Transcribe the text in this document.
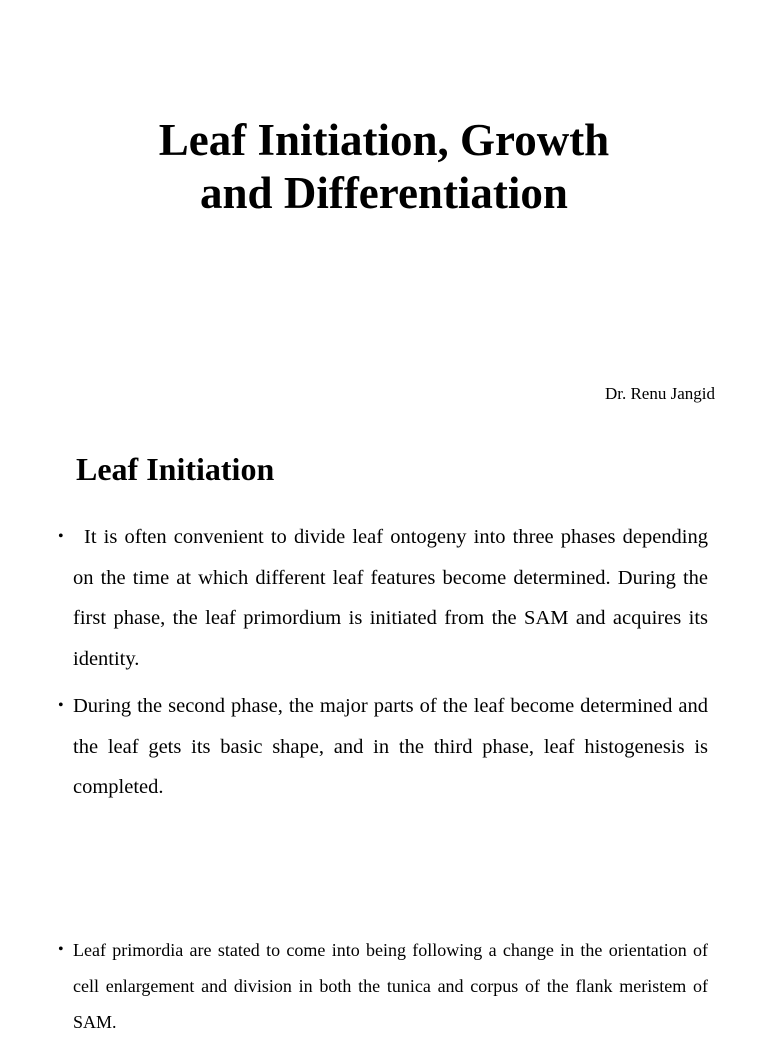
Leaf Initiation, Growth
and Differentiation
Dr. Renu Jangid
Leaf Initiation

• It is often convenient to divide leaf ontogeny into three phases depending on the time at which different leaf features become determined. During the first phase, the leaf primordium is initiated from the SAM and acquires its identity.

• During the second phase, the major parts of the leaf become determined and the leaf gets its basic shape, and in the third phase, leaf histogenesis is completed.

• Leaf primordia are stated to come into being following a change in the orientation of cell enlargement and division in both the tunica and corpus of the flank meristem of SAM.
